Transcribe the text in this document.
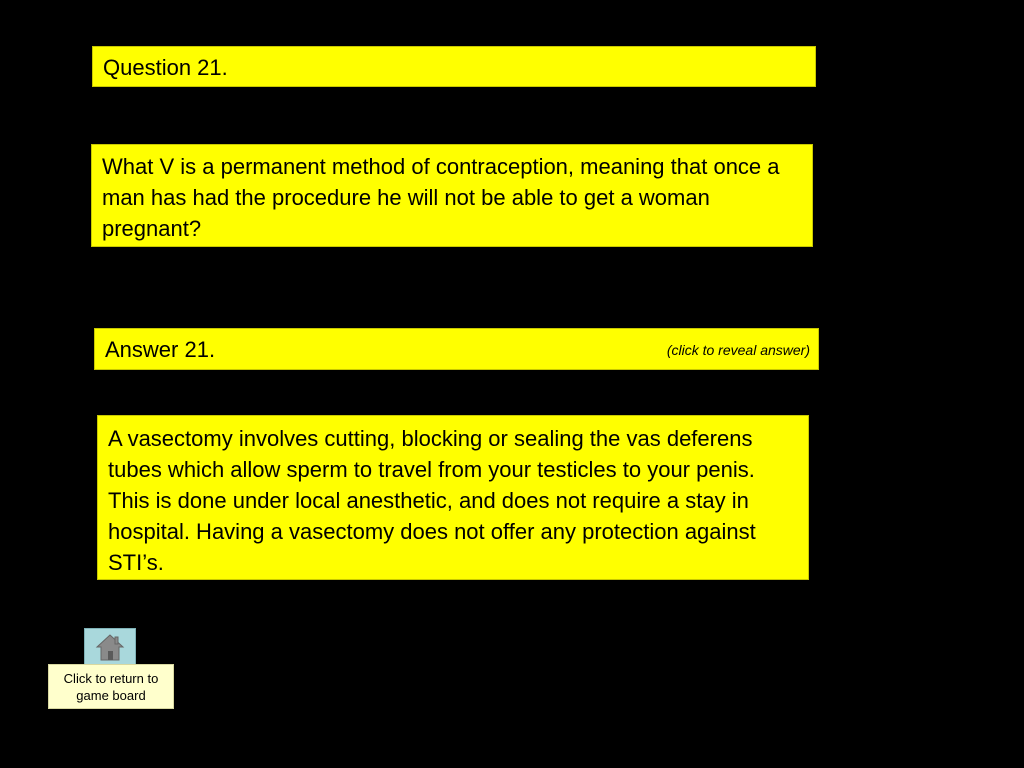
Question 21.
What V is a permanent method of contraception, meaning that once a man has had the procedure he will not be able to get a woman pregnant?
Answer 21.	(click to reveal answer)
A vasectomy involves cutting, blocking or sealing the vas deferens tubes which allow sperm to travel from your testicles to your penis. This is done under local anesthetic, and does not require a stay in hospital. Having a vasectomy does not offer any protection against STI’s.
Click to return to game board
